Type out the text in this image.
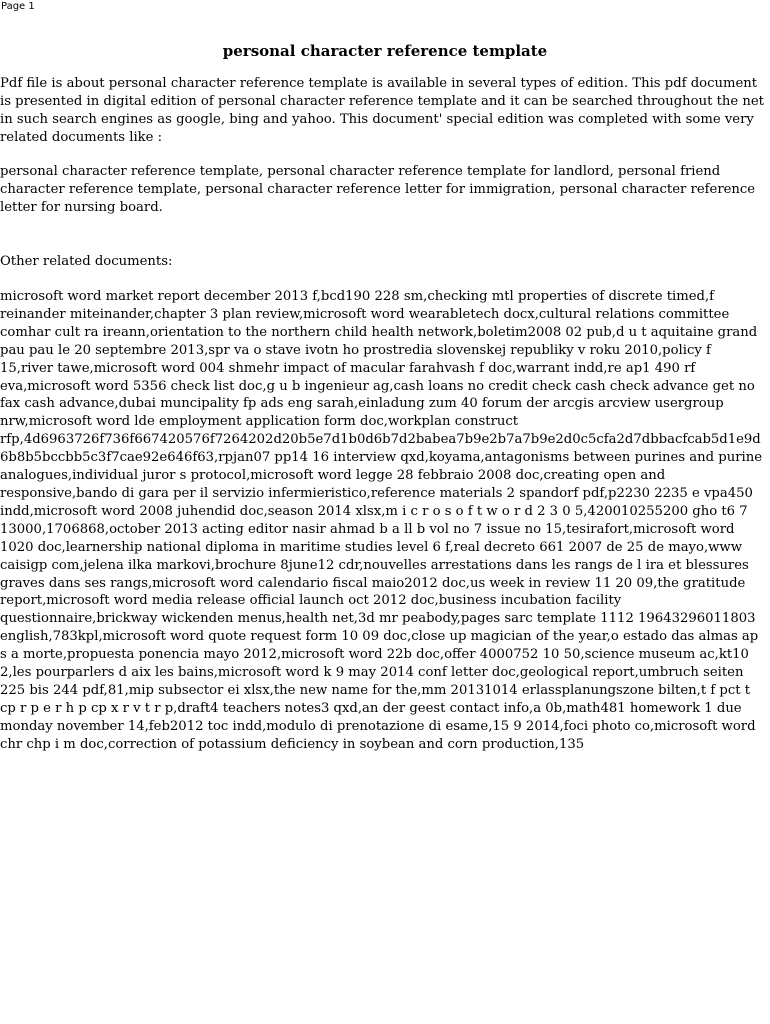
Page 1
personal character reference template

Pdf file is about personal character reference template is available in several types of edition. This pdf document is presented in digital edition of personal character reference template and it can be searched throughout the net in such search engines as google, bing and yahoo. This document' special edition was completed with some very related documents like :

personal character reference template, personal character reference template for landlord, personal friend character reference template, personal character reference letter for immigration, personal character reference letter for nursing board.

Other related documents:

microsoft word market report december 2013 f,bcd190 228 sm,checking mtl properties of discrete timed,f reinander miteinander,chapter 3 plan review,microsoft word wearabletech docx,cultural relations committee comhar cult ra ireann,orientation to the northern child health network,boletim2008 02 pub,d u t aquitaine grand pau pau le 20 septembre 2013,spr va o stave ivotn ho prostredia slovenskej republiky v roku 2010,policy f 15,river tawe,microsoft word 004 shmehr impact of macular farahvash f doc,warrant indd,re ap1 490 rf eva,microsoft word 5356 check list doc,g u b ingenieur ag,cash loans no credit check cash check advance get no fax cash advance,dubai muncipality fp ads eng sarah,einladung zum 40 forum der arcgis arcview usergroup nrw,microsoft word lde employment application form doc,workplan construct rfp,4d6963726f736f667420576f7264202d20b5e7d1b0d6b7d2babea7b9e2b7a7b9e2d0c5cfa2d7dbbacfcab5d1e9d6b8b5bccbb5c3f7cae92e646f63,rpjan07 pp14 16 interview qxd,koyama,antagonisms between purines and purine analogues,individual juror s protocol,microsoft word legge 28 febbraio 2008 doc,creating open and responsive,bando di gara per il servizio infermieristico,reference materials 2 spandorf pdf,p2230 2235 e vpa450 indd,microsoft word 2008 juhendid doc,season 2014 xlsx,m i c r o s o f t w o r d 2 3 0 5,420010255200 gho t6 7 13000,1706868,october 2013 acting editor nasir ahmad b a ll b vol no 7 issue no 15,tesirafort,microsoft word 1020 doc,learnership national diploma in maritime studies level 6 f,real decreto 661 2007 de 25 de mayo,www caisigp com,jelena ilka markovi,brochure 8june12 cdr,nouvelles arrestations dans les rangs de l ira et blessures graves dans ses rangs,microsoft word calendario fiscal maio2012 doc,us week in review 11 20 09,the gratitude report,microsoft word media release official launch oct 2012 doc,business incubation facility questionnaire,brickway wickenden menus,health net,3d mr peabody,pages sarc template 1112 19643296011803 english,783kpl,microsoft word quote request form 10 09 doc,close up magician of the year,o estado das almas ap s a morte,propuesta ponencia mayo 2012,microsoft word 22b doc,offer 4000752 10 50,science museum ac,kt10 2,les pourparlers d aix les bains,microsoft word k 9 may 2014 conf letter doc,geological report,umbruch seiten 225 bis 244 pdf,81,mip subsector ei xlsx,the new name for the,mm 20131014 erlassplanungszone bilten,t f pct t cp r p e r h p cp x r v t r p,draft4 teachers notes3 qxd,an der geest contact info,a 0b,math481 homework 1 due monday november 14,feb2012 toc indd,modulo di prenotazione di esame,15 9 2014,foci photo co,microsoft word chr chp i m doc,correction of potassium deficiency in soybean and corn production,135
